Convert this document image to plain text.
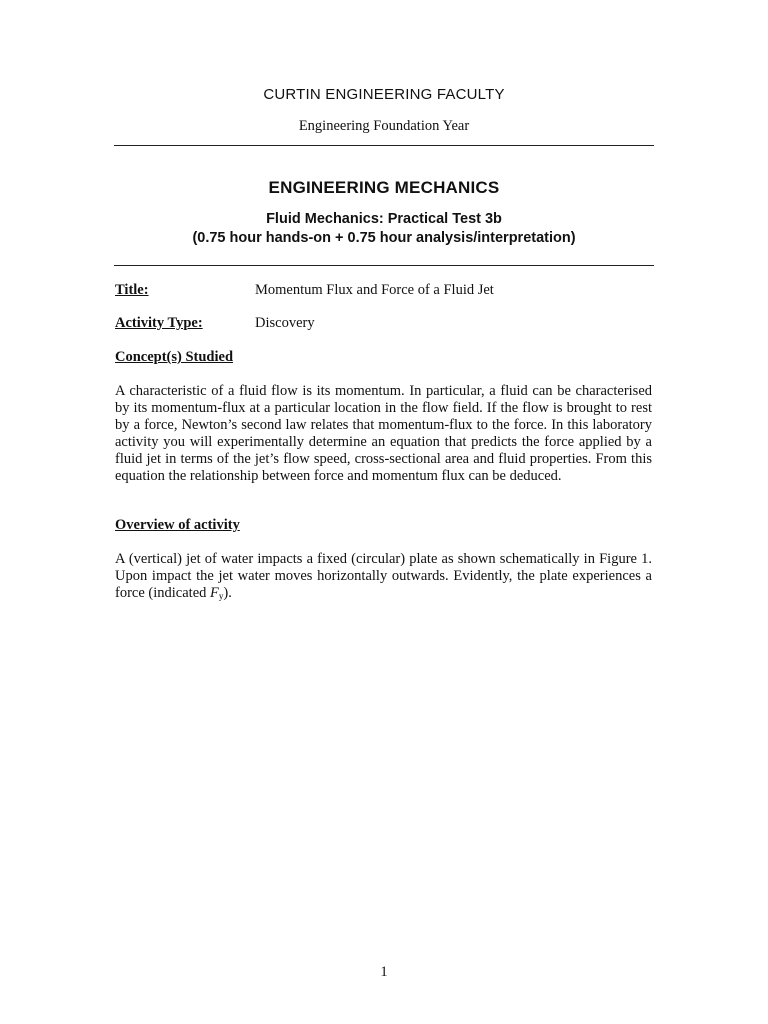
CURTIN ENGINEERING FACULTY
Engineering Foundation Year
ENGINEERING MECHANICS
Fluid Mechanics: Practical Test 3b
(0.75 hour hands-on + 0.75 hour analysis/interpretation)
Title:	Momentum Flux and Force of a Fluid Jet
Activity Type:	Discovery
Concept(s) Studied

A characteristic of a fluid flow is its momentum. In particular, a fluid can be characterised by its momentum-flux at a particular location in the flow field. If the flow is brought to rest by a force, Newton’s second law relates that momentum-flux to the force. In this laboratory activity you will experimentally determine an equation that predicts the force applied by a fluid jet in terms of the jet’s flow speed, cross-sectional area and fluid properties. From this equation the relationship between force and momentum flux can be deduced.

Overview of activity

A (vertical) jet of water impacts a fixed (circular) plate as shown schematically in Figure 1. Upon impact the jet water moves horizontally outwards. Evidently, the plate experiences a force (indicated $F_y$).

1
